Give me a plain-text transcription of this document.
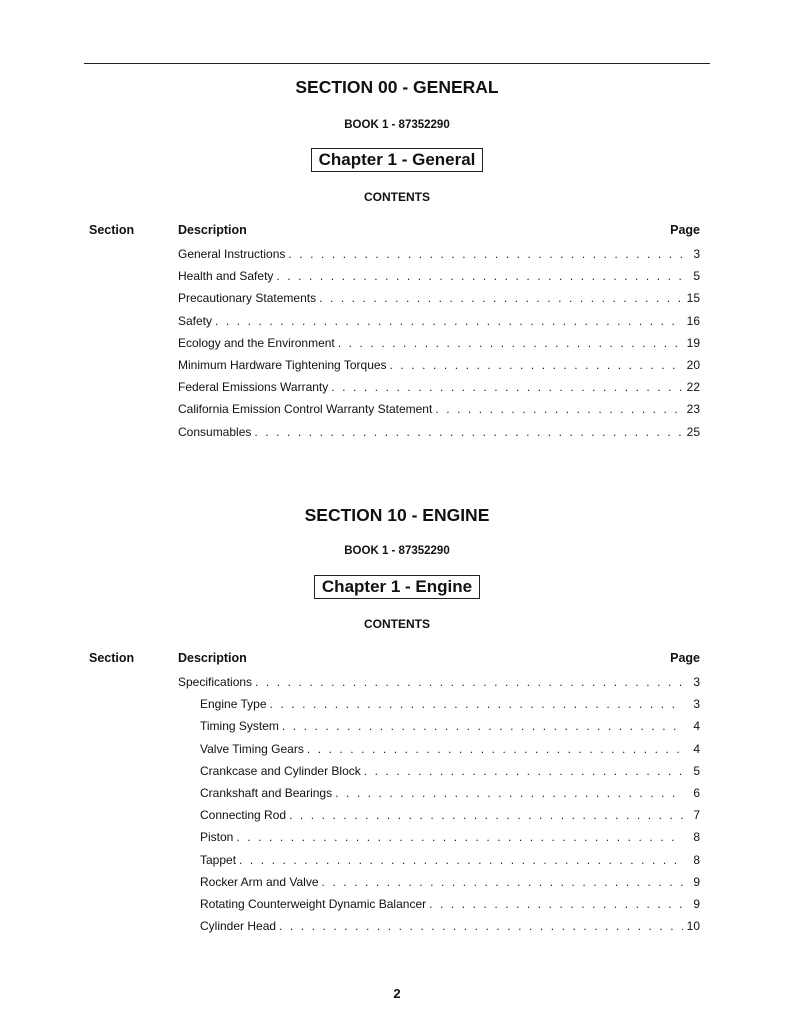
SECTION 00 - GENERAL
BOOK 1 - 87352290
Chapter 1 - General
CONTENTS
Section	Description	Page
General Instructions . . .	3
Health and Safety . . .	5
Precautionary Statements . . .	15
Safety . . .	16
Ecology and the Environment . . .	19
Minimum Hardware Tightening Torques . . .	20
Federal Emissions Warranty . . .	22
California Emission Control Warranty Statement . . .	23
Consumables . . .	25
SECTION 10 - ENGINE
BOOK 1 - 87352290
Chapter 1 - Engine
CONTENTS
Section	Description	Page
Specifications . . .	3
Engine Type . . .	3
Timing System . . .	4
Valve Timing Gears . . .	4
Crankcase and Cylinder Block . . .	5
Crankshaft and Bearings . . .	6
Connecting Rod . . .	7
Piston . . .	8
Tappet . . .	8
Rocker Arm and Valve . . .	9
Rotating Counterweight Dynamic Balancer . . .	9
Cylinder Head . . .	10
2
